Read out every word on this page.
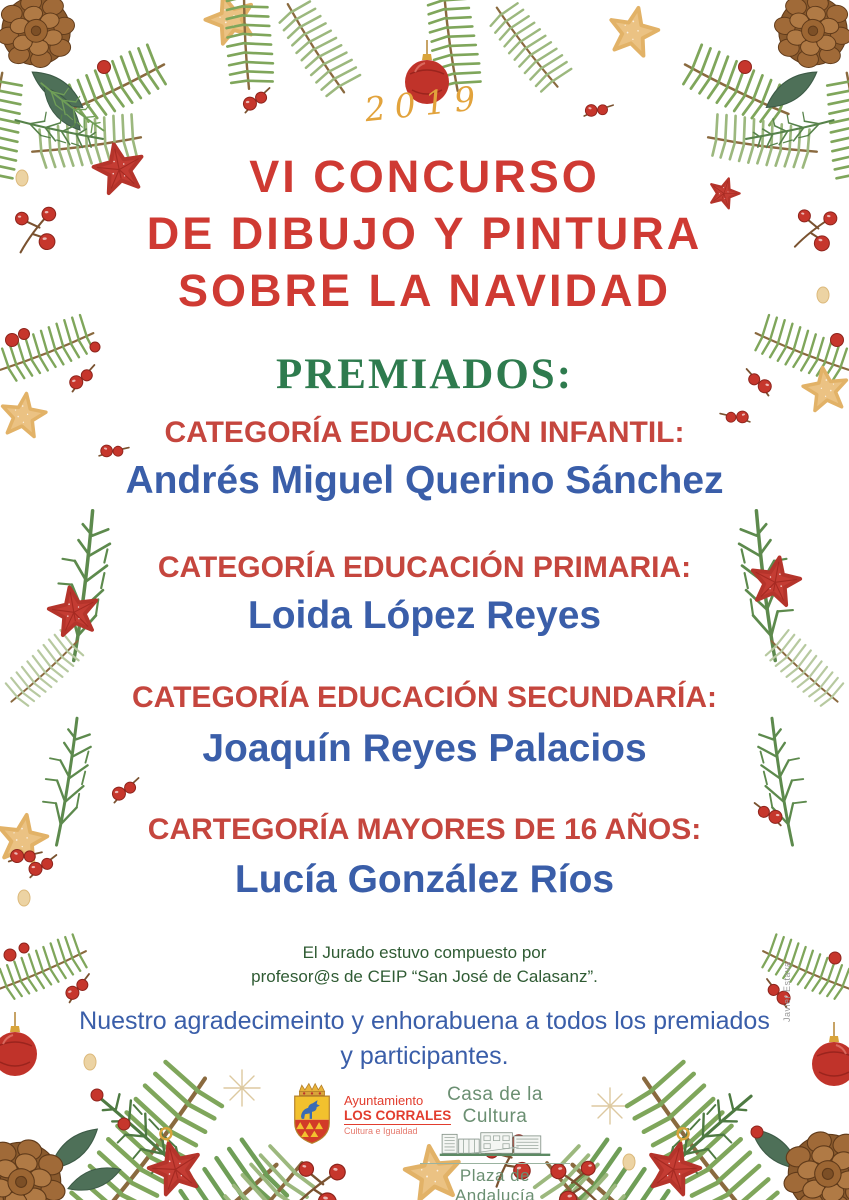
2019
VI CONCURSO
DE DIBUJO Y PINTURA
SOBRE LA NAVIDAD
PREMIADOS:
CATEGORÍA EDUCACIÓN INFANTIL:
Andrés Miguel Querino Sánchez
CATEGORÍA EDUCACIÓN PRIMARIA:
Loida López Reyes
CATEGORÍA EDUCACIÓN SECUNDARÍA:
Joaquín Reyes Palacios
CARTEGORÍA MAYORES DE 16 AÑOS:
Lucía González Ríos
El Jurado estuvo compuesto por
profesor@s de CEIP “San José de Calasanz”.
Nuestro agradecimeinto y enhorabuena a todos los premiados
y participantes.
Javier Estava
Ayuntamiento
LOS CORRALES
Cultura e Igualdad
Casa de la Cultura
Plaza de Andalucía
